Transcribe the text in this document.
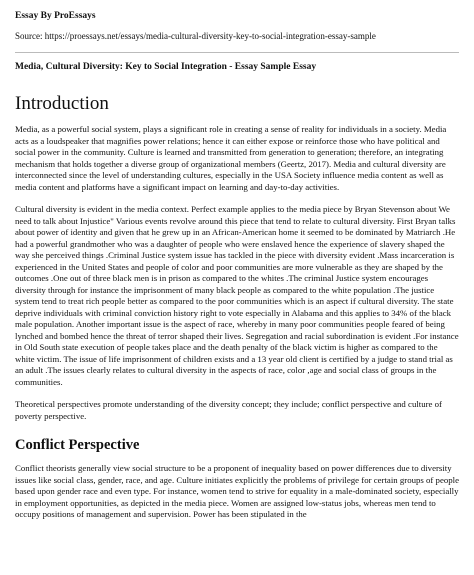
Essay By ProEssays
Source: https://proessays.net/essays/media-cultural-diversity-key-to-social-integration-essay-sample
Media, Cultural Diversity: Key to Social Integration - Essay Sample Essay
Introduction

Media, as a powerful social system, plays a significant role in creating a sense of reality for individuals in a society. Media acts as a loudspeaker that magnifies power relations; hence it can either expose or reinforce those who have political and social power in the community. Culture is learned and transmitted from generation to generation; therefore, an integrating mechanism that holds together a diverse group of organizational members (Geertz, 2017). Media and cultural diversity are interconnected since the level of understanding cultures, especially in the USA Society influence media content as well as media content and platforms have a significant impact on learning and day-to-day activities.

Cultural diversity is evident in the media context. Perfect example applies to the media piece by Bryan Stevenson about We need to talk about Injustice" Various events revolve around this piece that tend to relate to cultural diversity. First Bryan talks about power of identity and given that he grew up in an African-American home it seemed to be dominated by Matriarch .He had a powerful grandmother who was a daughter of people who were enslaved hence the experience of slavery shaped the way she perceived things .Criminal Justice system issue has tackled in the piece with diversity evident .Mass incarceration is experienced in the United States and people of color and poor communities are more vulnerable as they are shaped by the outcomes .One out of three black men is in prison as compared to the whites .The criminal Justice system encourages diversity through for instance the imprisonment of many black people as compared to the white population .The justice system tend to treat rich people better as compared to the poor communities which is an aspect if cultural diversity. The state deprive individuals with criminal conviction history right to vote especially in Alabama and this applies to 34% of the black male population. Another important issue is the aspect of race, whereby in many poor communities people feared of being lynched and bombed hence the threat of terror shaped their lives. Segregation and racial subordination is evident .For instance in Old South state execution of people takes place and the death penalty of the black victim is higher as compared to the white victim. The issue of life imprisonment of children exists and a 13 year old client is certified by a judge to stand trial as an adult .The issues clearly relates to cultural diversity in the aspects of race, color ,age and social class of groups in the communities.

Theoretical perspectives promote understanding of the diversity concept; they include; conflict perspective and culture of poverty perspective.

Conflict Perspective

Conflict theorists generally view social structure to be a proponent of inequality based on power differences due to diversity issues like social class, gender, race, and age. Culture initiates explicitly the problems of privilege for certain groups of people based upon gender race and even type. For instance, women tend to strive for equality in a male-dominated society, especially in employment opportunities, as depicted in the media piece. Women are assigned low-status jobs, whereas men tend to occupy positions of management and supervision. Power has been stipulated in the
